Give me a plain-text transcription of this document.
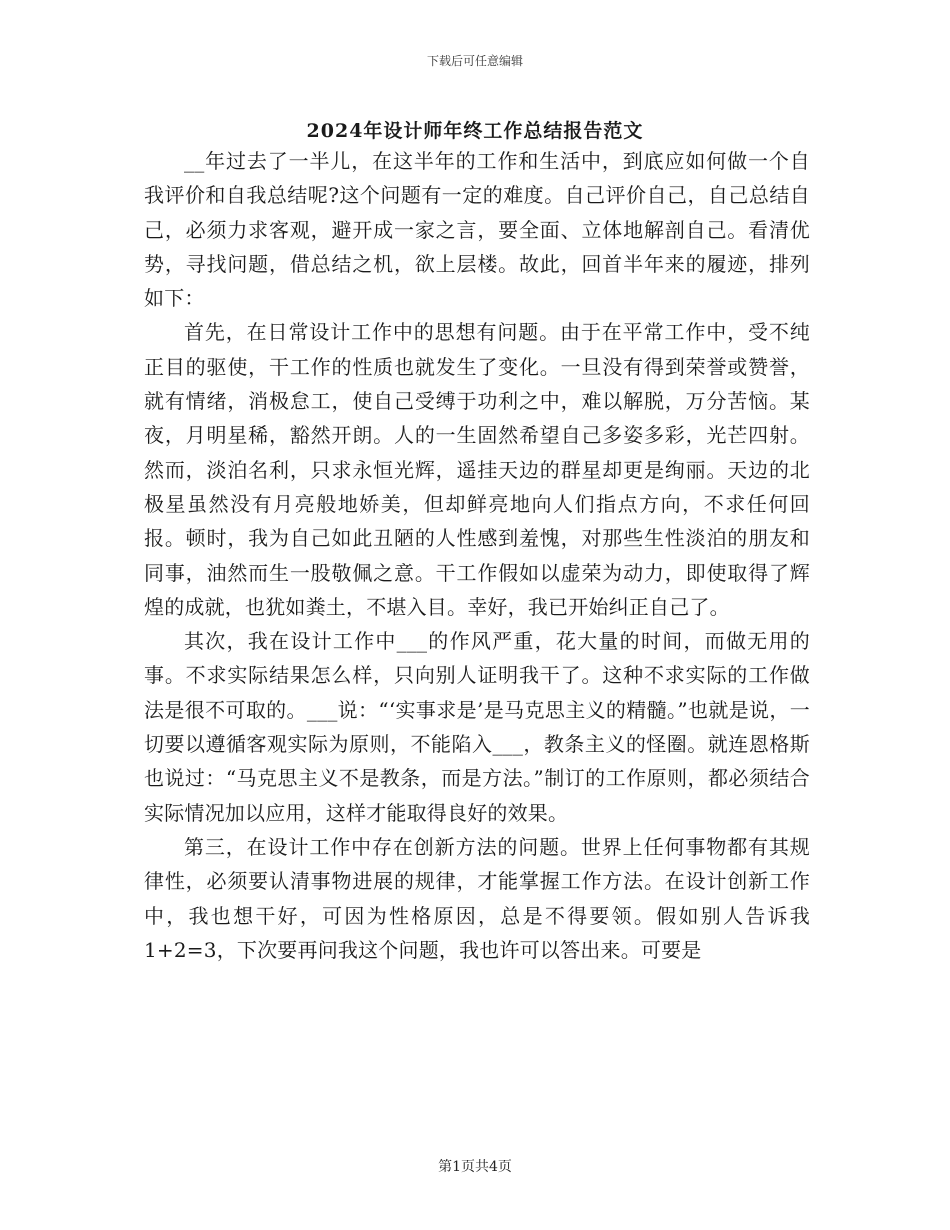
下载后可任意编辑
2024年设计师年终工作总结报告范文

__年过去了一半儿，在这半年的工作和生活中，到底应如何做一个自我评价和自我总结呢?这个问题有一定的难度。自己评价自己，自己总结自己，必须力求客观，避开成一家之言，要全面、立体地解剖自己。看清优势，寻找问题，借总结之机，欲上层楼。故此，回首半年来的履迹，排列如下：

首先，在日常设计工作中的思想有问题。由于在平常工作中，受不纯正目的驱使，干工作的性质也就发生了变化。一旦没有得到荣誉或赞誉，就有情绪，消极怠工，使自己受缚于功利之中，难以解脱，万分苦恼。某夜，月明星稀，豁然开朗。人的一生固然希望自己多姿多彩，光芒四射。然而，淡泊名利，只求永恒光辉，遥挂天边的群星却更是绚丽。天边的北极星虽然没有月亮般地娇美，但却鲜亮地向人们指点方向，不求任何回报。顿时，我为自己如此丑陋的人性感到羞愧，对那些生性淡泊的朋友和同事，油然而生一股敬佩之意。干工作假如以虚荣为动力，即使取得了辉煌的成就，也犹如粪土，不堪入目。幸好，我已开始纠正自己了。

其次，我在设计工作中___的作风严重，花大量的时间，而做无用的事。不求实际结果怎么样，只向别人证明我干了。这种不求实际的工作做法是很不可取的。___说：“‘实事求是’是马克思主义的精髓。”也就是说，一切要以遵循客观实际为原则，不能陷入___，教条主义的怪圈。就连恩格斯也说过：“马克思主义不是教条，而是方法。”制订的工作原则，都必须结合实际情况加以应用，这样才能取得良好的效果。

第三，在设计工作中存在创新方法的问题。世界上任何事物都有其规律性，必须要认清事物进展的规律，才能掌握工作方法。在设计创新工作中，我也想干好，可因为性格原因，总是不得要领。假如别人告诉我1+2=3，下次要再问我这个问题，我也许可以答出来。可要是

第1页共4页
